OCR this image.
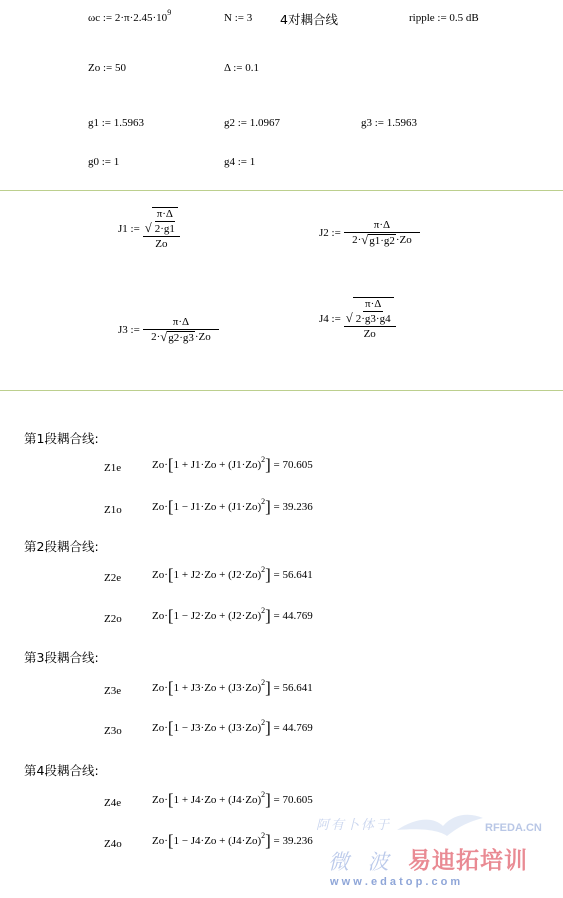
ωc := $2\cdot\pi\cdot 2.45\cdot 10^9$	N := 3 4对耦合线	ripple := 0.5 dB
Zo := 50	Δ := 0.1
g1 := 1.5963	g2 := 1.0967	g3 := 1.5963
g0 := 1	g4 := 1
J1 := $\frac{√ \frac{\pi\cdot\Delta}{2\cdot g1}}{Zo}$	J2 := $\frac{\pi\cdot\Delta}{2\cdot √ g1\cdot g2 \cdot Zo}$
J3 := $\frac{\pi\cdot\Delta}{2\cdot √ g2\cdot g3 \cdot Zo}$	J4 := $\frac{√ \frac{\pi\cdot\Delta}{2\cdot g3\cdot g4}}{Zo}$
第1段耦合线:
Z1e	$Zo\cdot[1 + J1\cdot Zo + (J1\cdot Zo)^2] = 70.605$
Z1o	$Zo\cdot[1 - J1\cdot Zo + (J1\cdot Zo)^2] = 39.236$
第2段耦合线:
Z2e	$Zo\cdot[1 + J2\cdot Zo + (J2\cdot Zo)^2] = 56.641$
Z2o	$Zo\cdot[1 - J2\cdot Zo + (J2\cdot Zo)^2] = 44.769$
第3段耦合线:
Z3e	$Zo\cdot[1 + J3\cdot Zo + (J3\cdot Zo)^2] = 56.641$
Z3o	$Zo\cdot[1 - J3\cdot Zo + (J3\cdot Zo)^2] = 44.769$
第4段耦合线:
Z4e	$Zo\cdot[1 + J4\cdot Zo + (J4\cdot Zo)^2] = 70.605$
Z4o	$Zo\cdot[1 - J4\cdot Zo + (J4\cdot Zo)^2] = 39.236$
阿有卜体于	RFEDA.CN
微 波 易迪拓培训
w w w . e d a t o p . c o m
